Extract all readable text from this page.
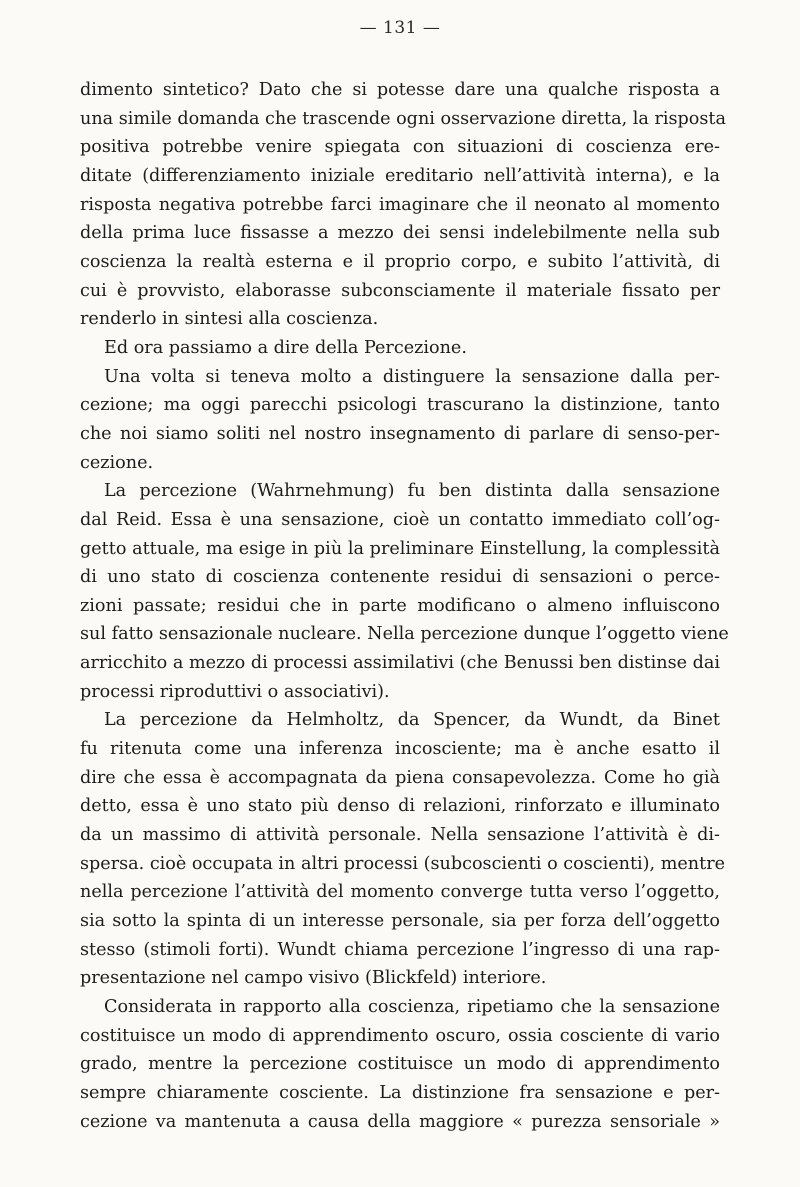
— 131 —
dimento sintetico? Dato che si potesse dare una qualche risposta a
una simile domanda che trascende ogni osservazione diretta, la risposta
positiva potrebbe venire spiegata con situazioni di coscienza ere-
ditate (differenziamento iniziale ereditario nell’attività interna), e la
risposta negativa potrebbe farci imaginare che il neonato al momento
della prima luce fissasse a mezzo dei sensi indelebilmente nella sub
coscienza la realtà esterna e il proprio corpo, e subito l’attività, di
cui è provvisto, elaborasse subconsciamente il materiale fissato per
renderlo in sintesi alla coscienza.
Ed ora passiamo a dire della Percezione.
Una volta si teneva molto a distinguere la sensazione dalla per-
cezione; ma oggi parecchi psicologi trascurano la distinzione, tanto
che noi siamo soliti nel nostro insegnamento di parlare di senso-per-
cezione.
La percezione (Wahrnehmung) fu ben distinta dalla sensazione
dal Reid. Essa è una sensazione, cioè un contatto immediato coll’og-
getto attuale, ma esige in più la preliminare Einstellung, la complessità
di uno stato di coscienza contenente residui di sensazioni o perce-
zioni passate; residui che in parte modificano o almeno influiscono
sul fatto sensazionale nucleare. Nella percezione dunque l’oggetto viene
arricchito a mezzo di processi assimilativi (che Benussi ben distinse dai
processi riproduttivi o associativi).
La percezione da Helmholtz, da Spencer, da Wundt, da Binet
fu ritenuta come una inferenza incosciente; ma è anche esatto il
dire che essa è accompagnata da piena consapevolezza. Come ho già
detto, essa è uno stato più denso di relazioni, rinforzato e illuminato
da un massimo di attività personale. Nella sensazione l’attività è di-
spersa. cioè occupata in altri processi (subcoscienti o coscienti), mentre
nella percezione l’attività del momento converge tutta verso l’oggetto,
sia sotto la spinta di un interesse personale, sia per forza dell’oggetto
stesso (stimoli forti). Wundt chiama percezione l’ingresso di una rap-
presentazione nel campo visivo (Blickfeld) interiore.
Considerata in rapporto alla coscienza, ripetiamo che la sensazione
costituisce un modo di apprendimento oscuro, ossia cosciente di vario
grado, mentre la percezione costituisce un modo di apprendimento
sempre chiaramente cosciente. La distinzione fra sensazione e per-
cezione va mantenuta a causa della maggiore « purezza sensoriale »
